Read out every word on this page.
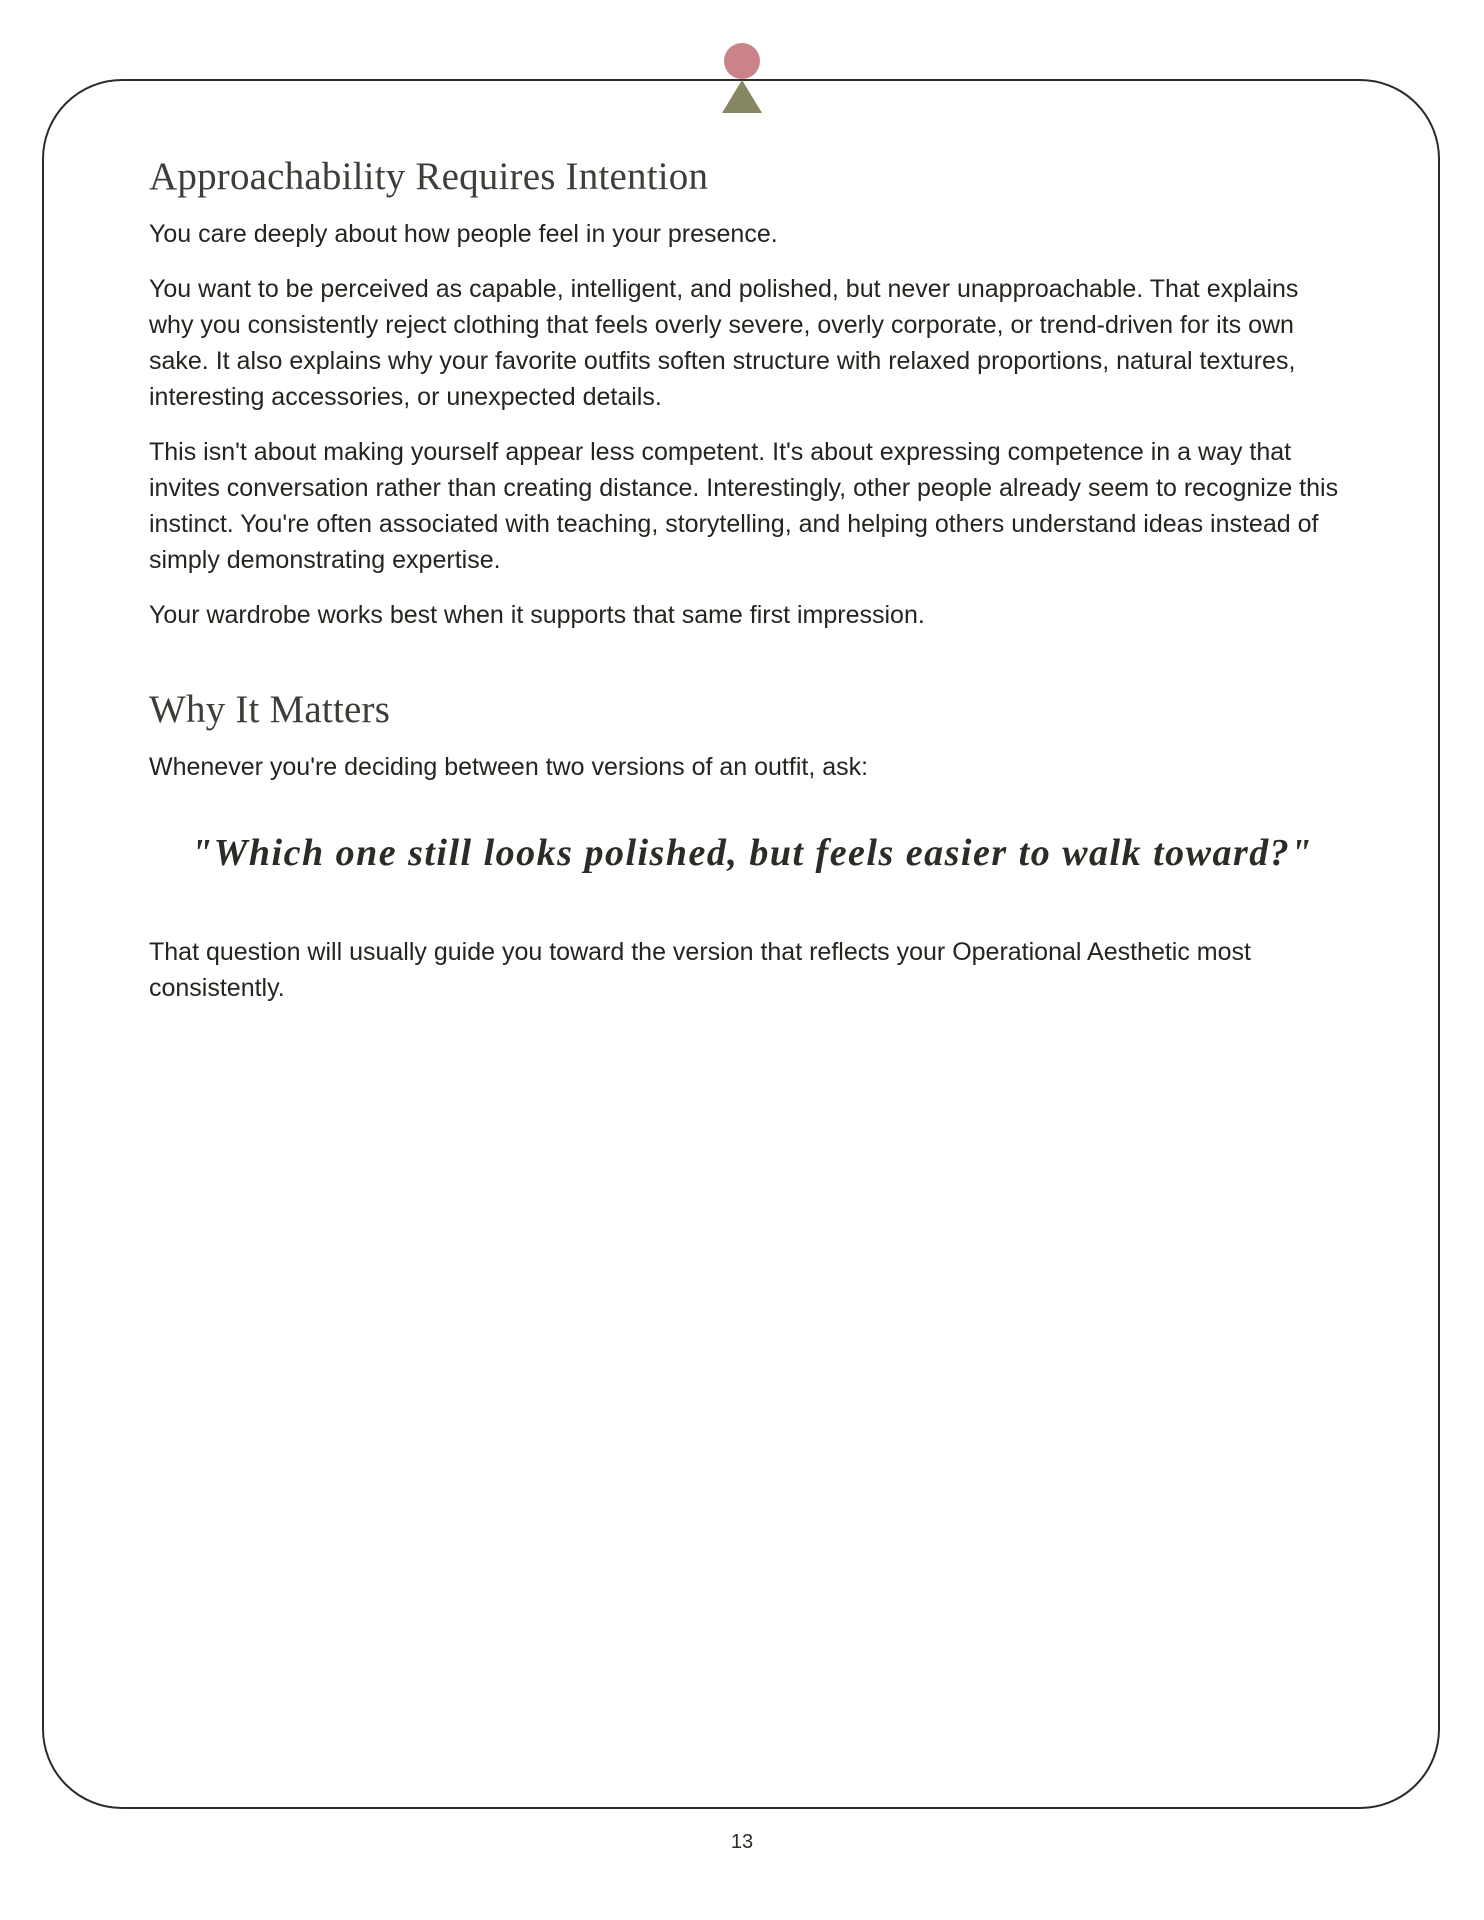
Approachability Requires Intention

You care deeply about how people feel in your presence.

You want to be perceived as capable, intelligent, and polished, but never unapproachable. That explains why you consistently reject clothing that feels overly severe, overly corporate, or trend-driven for its own sake. It also explains why your favorite outfits soften structure with relaxed proportions, natural textures, interesting accessories, or unexpected details.

This isn't about making yourself appear less competent. It's about expressing competence in a way that invites conversation rather than creating distance. Interestingly, other people already seem to recognize this instinct. You're often associated with teaching, storytelling, and helping others understand ideas instead of simply demonstrating expertise.

Your wardrobe works best when it supports that same first impression.

Why It Matters

Whenever you're deciding between two versions of an outfit, ask:

"Which one still looks polished, but feels easier to walk toward?"

That question will usually guide you toward the version that reflects your Operational Aesthetic most consistently.

13
